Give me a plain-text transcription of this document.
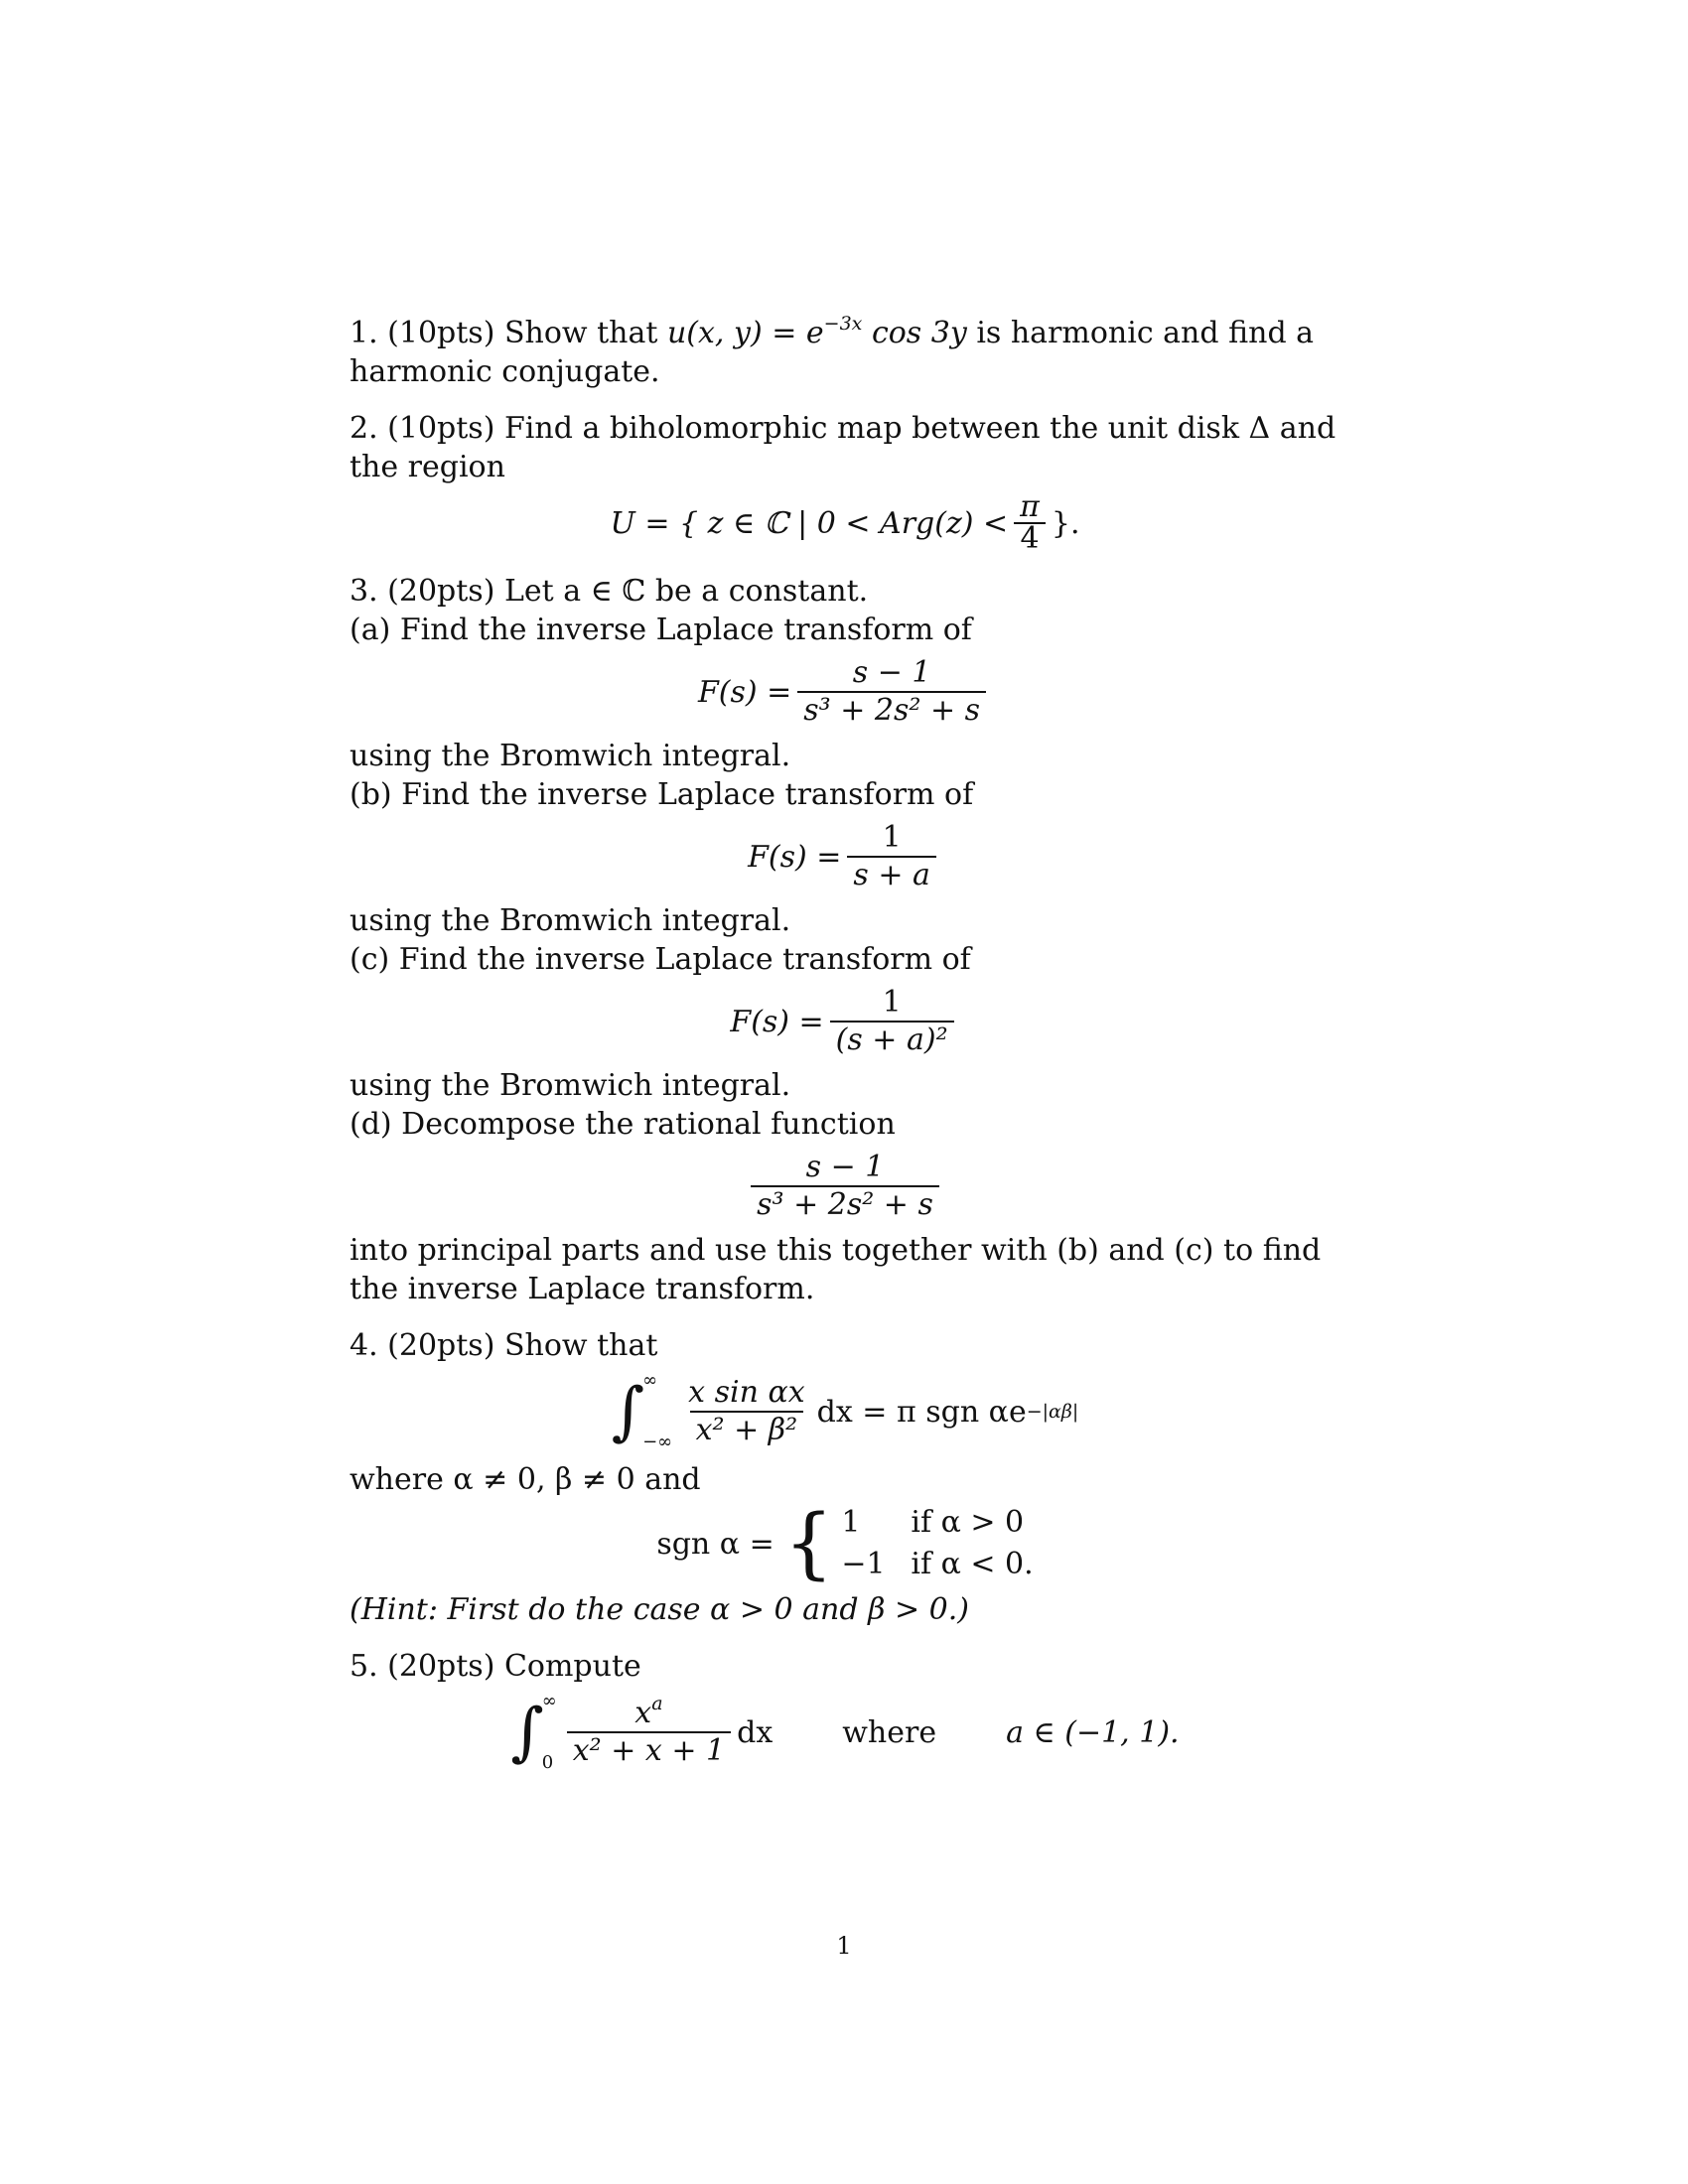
1. (10pts) Show that u(x, $y) = e^{-3x}$ cos 3y is harmonic and find a harmonic conjugate.

2. (10pts) Find a biholomorphic map between the unit disk Δ and the region

U = { z ∈ ℂ | $0 < Arg(z) < \frac{\pi}{4}$ }.

3. (20pts) Let a ∈ ℂ be a constant.

(a) Find the inverse Laplace transform of

$F(s) = \frac{s - 1}{\text{s³ + 2s² + s}}$

using the Bromwich integral.

(b) Find the inverse Laplace transform of

$F(s) = \frac{1}{s + a}$

using the Bromwich integral.

(c) Find the inverse Laplace transform of

$F(s) = \frac{1}{\text{(s + a)²}}$

using the Bromwich integral.

(d) Decompose the rational function

$\frac{s - 1}{\text{s³ + 2s² + s}}$

into principal parts and use this together with (b) and (c) to find the inverse Laplace transform.

4. (20pts) Show that

∫
∞
−∞ $\frac{\text{x sin αx}}{\text{x² + β²}}$ dx = π sgn αe −|αβ|

where α ≠ 0, β ≠ 0 and

sgn α = { 1	if α > 0
−1 if α < 0.

(Hint: First do the case α > 0 and β > 0.)

5. (20pts) Compute

∫
∞
$0 \frac{x^a}{\text{x² + x + 1}}$ dx where a ∈ (−1, 1).
1
